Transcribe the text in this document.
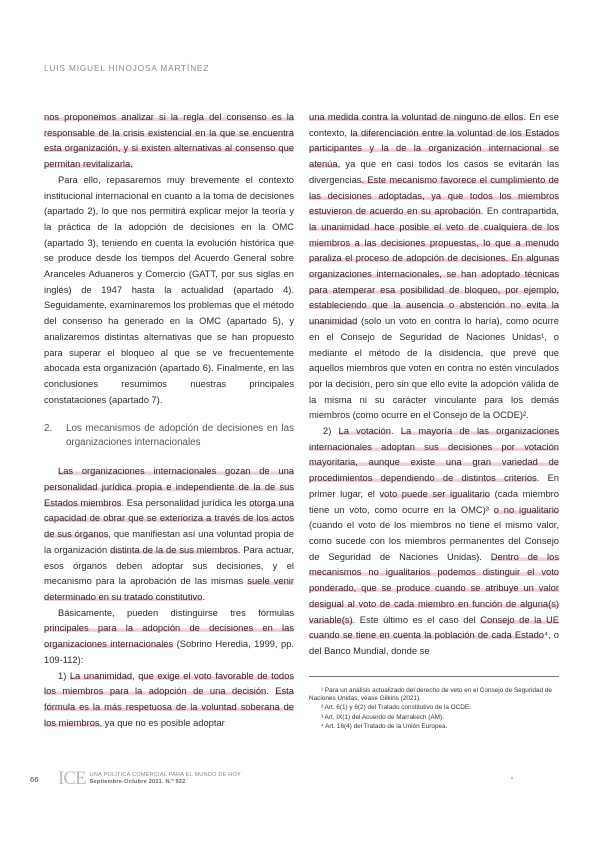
LUIS MIGUEL HINOJOSA MARTÍNEZ

nos proponemos analizar si la regla del consenso es la responsable de la crisis existencial en la que se encuentra esta organización, y si existen alternativas al consenso que permitan revitalizarla.

Para ello, repasaremos muy brevemente el contexto institucional internacional en cuanto a la toma de decisiones (apartado 2), lo que nos permitirá explicar mejor la teoría y la práctica de la adopción de decisiones en la OMC (apartado 3), teniendo en cuenta la evolución histórica que se produce desde los tiempos del Acuerdo General sobre Aranceles Aduaneros y Comercio (GATT, por sus siglas en inglés) de 1947 hasta la actualidad (apartado 4). Seguidamente, examinaremos los problemas que el método del consenso ha generado en la OMC (apartado 5), y analizaremos distintas alternativas que se han propuesto para superar el bloqueo al que se ve frecuentemente abocada esta organización (apartado 6). Finalmente, en las conclusiones resumimos nuestras principales constataciones (apartado 7).

2.	Los mecanismos de adopción de decisiones en las organizaciones internacionales

Las organizaciones internacionales gozan de una personalidad jurídica propia e independiente de la de sus Estados miembros. Esa personalidad jurídica les otorga una capacidad de obrar que se exterioriza a través de los actos de sus órganos, que manifiestan así una voluntad propia de la organización distinta de la de sus miembros. Para actuar, esos órganos deben adoptar sus decisiones, y el mecanismo para la aprobación de las mismas suele venir determinado en su tratado constitutivo.

Básicamente, pueden distinguirse tres fórmulas principales para la adopción de decisiones en las organizaciones internacionales (Sobrino Heredia, 1999, pp. 109-112):

1) La unanimidad, que exige el voto favorable de todos los miembros para la adopción de una decisión. Esta fórmula es la más respetuosa de la voluntad soberana de los miembros, ya que no es posible adoptar

una medida contra la voluntad de ninguno de ellos. En ese contexto, la diferenciación entre la voluntad de los Estados participantes y la de la organización internacional se atenúa, ya que en casi todos los casos se evitarán las divergencias. Este mecanismo favorece el cumplimiento de las decisiones adoptadas, ya que todos los miembros estuvieron de acuerdo en su aprobación. En contrapartida, la unanimidad hace posible el veto de cualquiera de los miembros a las decisiones propuestas, lo que a menudo paraliza el proceso de adopción de decisiones. En algunas organizaciones internacionales, se han adoptado técnicas para atemperar esa posibilidad de bloqueo, por ejemplo, estableciendo que la ausencia o abstención no evita la unanimidad (solo un voto en contra lo haría), como ocurre en el Consejo de Seguridad de Naciones Unidas¹, o mediante el método de la disidencia, que prevé que aquellos miembros que voten en contra no estén vinculados por la decisión, pero sin que ello evite la adopción válida de la misma ni su carácter vinculante para los demás miembros (como ocurre en el Consejo de la OCDE)².

2) La votación. La mayoría de las organizaciones internacionales adoptan sus decisiones por votación mayoritaria, aunque existe una gran variedad de procedimientos dependiendo de distintos criterios. En primer lugar, el voto puede ser igualitario (cada miembro tiene un voto, como ocurre en la OMC)³ o no igualitario (cuando el voto de los miembros no tiene el mismo valor, como sucede con los miembros permanentes del Consejo de Seguridad de Naciones Unidas). Dentro de los mecanismos no igualitarios podemos distinguir el voto ponderado, que se produce cuando se atribuye un valor desigual al voto de cada miembro en función de alguna(s) variable(s). Este último es el caso del Consejo de la UE cuando se tiene en cuenta la población de cada Estado⁴, o del Banco Mundial, donde se

¹ Para un análisis actualizado del derecho de veto en el Consejo de Seguridad de Naciones Unidas, véase Gilkins (2021).

² Art. 6(1) y 6(2) del Tratado constitutivo de la OCDE.

³ Art. IX(1) del Acuerdo de Marrakech (AM).

⁴ Art. 16(4) del Tratado de la Unión Europea.

66	ICE UNA POLÍTICA COMERCIAL PARA EL MUNDO DE HOY
Septiembre-Octubre 2021. N.º 922
